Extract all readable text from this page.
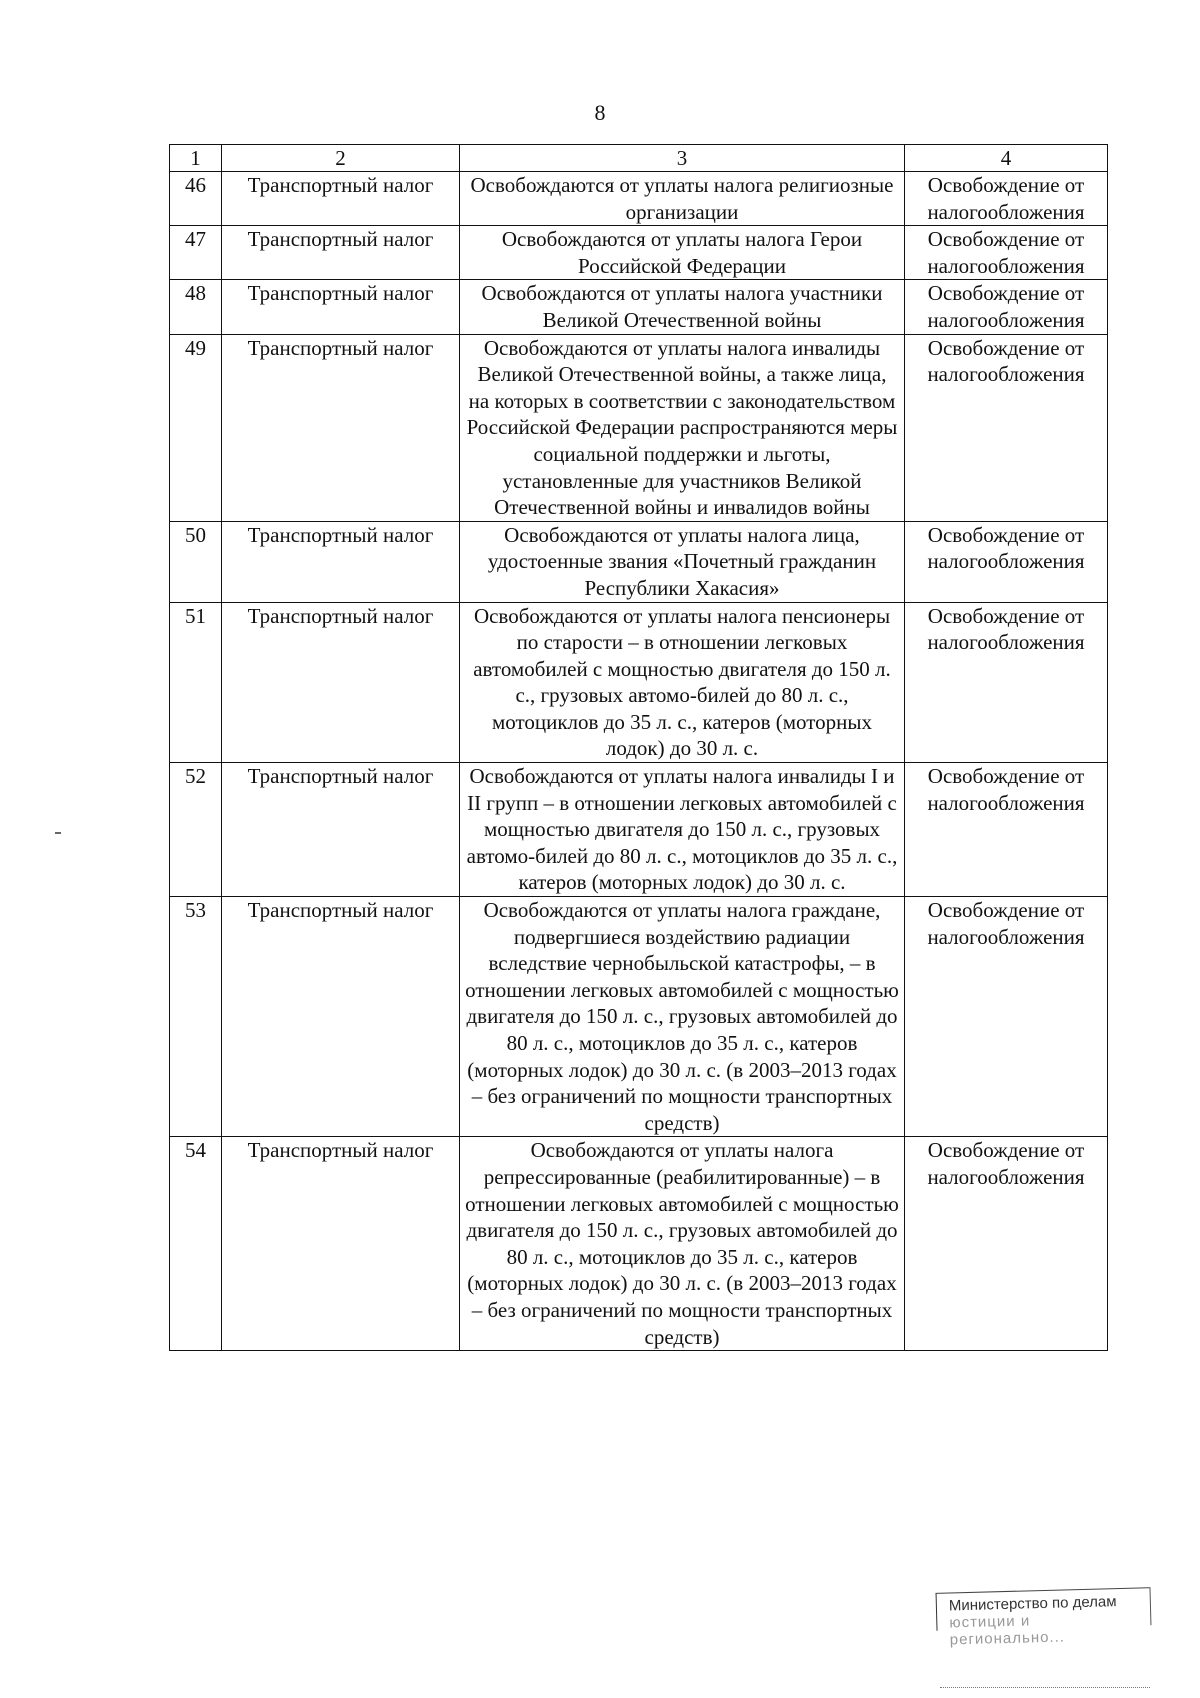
8
1	2	3	4
46	Транспортный налог	Освобождаются от уплаты налога религиозные организации	Освобождение от налогообложения
47	Транспортный налог	Освобождаются от уплаты налога Герои Российской Федерации	Освобождение от налогообложения
48	Транспортный налог	Освобождаются от уплаты налога участники Великой Отечественной войны	Освобождение от налогообложения
49	Транспортный налог	Освобождаются от уплаты налога инвалиды Великой Отечественной войны, а также лица, на которых в соответствии с законодательством Российской Федерации распространяются меры социальной поддержки и льготы, установленные для участников Великой Отечественной войны и инвалидов войны	Освобождение от налогообложения
50	Транспортный налог	Освобождаются от уплаты налога лица, удостоенные звания «Почетный гражданин Республики Хакасия»	Освобождение от налогообложения
51	Транспортный налог	Освобождаются от уплаты налога пенсионеры по старости – в отношении легковых автомобилей с мощностью двигателя до 150 л. с., грузовых автомо-билей до 80 л. с., мотоциклов до 35 л. с., катеров (моторных лодок) до 30 л. с.	Освобождение от налогообложения
52	Транспортный налог	Освобождаются от уплаты налога инвалиды I и II групп – в отношении легковых автомобилей с мощностью двигателя до 150 л. с., грузовых автомо-билей до 80 л. с., мотоциклов до 35 л. с., катеров (моторных лодок) до 30 л. с.	Освобождение от налогообложения
53	Транспортный налог	Освобождаются от уплаты налога граждане, подвергшиеся воздействию радиации вследствие чернобыльской катастрофы, – в отношении легковых автомобилей с мощностью двигателя до 150 л. с., грузовых автомобилей до 80 л. с., мотоциклов до 35 л. с., катеров (моторных лодок) до 30 л. с. (в 2003–2013 годах – без ограничений по мощности транспортных средств)	Освобождение от налогообложения
54	Транспортный налог	Освобождаются от уплаты налога репрессированные (реабилитированные) – в отношении легковых автомобилей с мощностью двигателя до 150 л. с., грузовых автомобилей до 80 л. с., мотоциклов до 35 л. с., катеров (моторных лодок) до 30 л. с. (в 2003–2013 годах – без ограничений по мощности транспортных средств)	Освобождение от налогообложения
Министерство по делам
юстиции и регионально...
